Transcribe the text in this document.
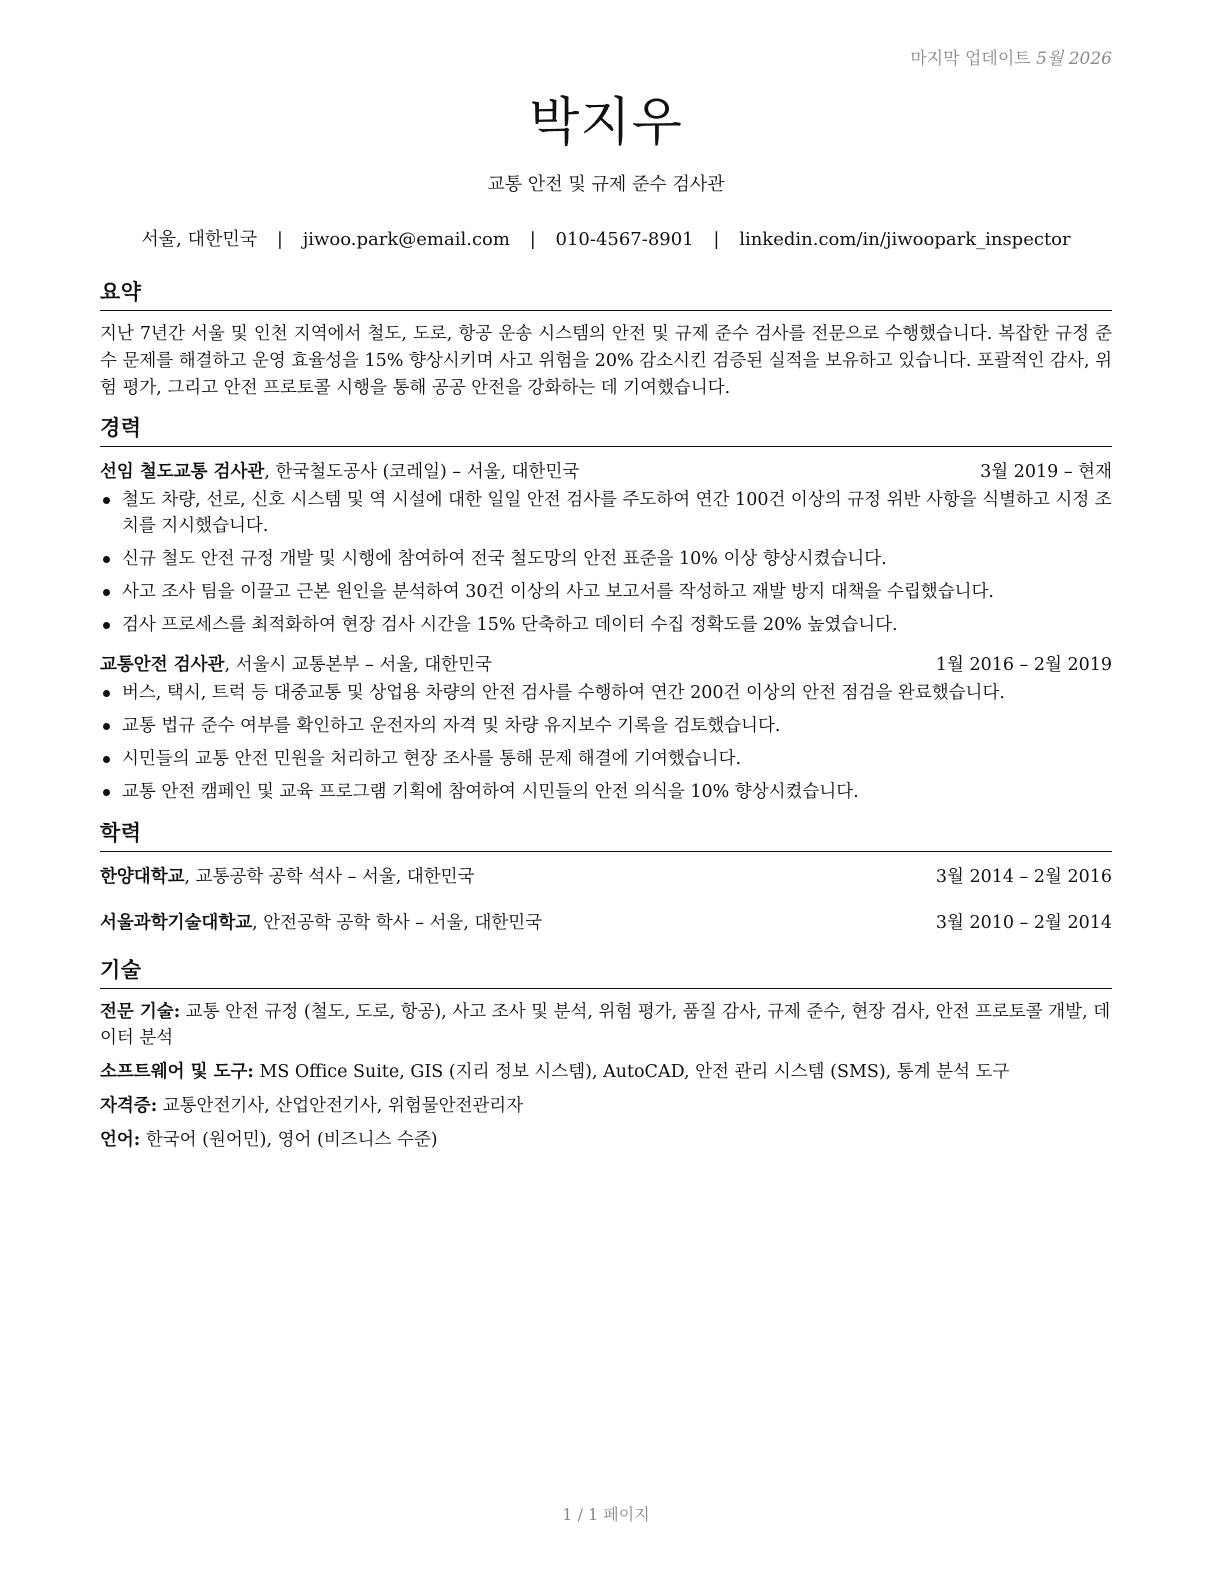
마지막 업데이트 5월 2026
박지우
교통 안전 및 규제 준수 검사관
서울, 대한민국 | jiwoo.park@email.com | 010-4567-8901 | linkedin.com/in/jiwoopark_inspector
요약
지난 7년간 서울 및 인천 지역에서 철도, 도로, 항공 운송 시스템의 안전 및 규제 준수 검사를 전문으로 수행했습니다. 복잡한 규정 준수 문제를 해결하고 운영 효율성을 15% 향상시키며 사고 위험을 20% 감소시킨 검증된 실적을 보유하고 있습니다. 포괄적인 감사, 위험 평가, 그리고 안전 프로토콜 시행을 통해 공공 안전을 강화하는 데 기여했습니다.
경력
선임 철도교통 검사관, 한국철도공사 (코레일) – 서울, 대한민국	3월 2019 – 현재
철도 차량, 선로, 신호 시스템 및 역 시설에 대한 일일 안전 검사를 주도하여 연간 100건 이상의 규정 위반 사항을 식별하고 시정 조치를 지시했습니다.
신규 철도 안전 규정 개발 및 시행에 참여하여 전국 철도망의 안전 표준을 10% 이상 향상시켰습니다.
사고 조사 팀을 이끌고 근본 원인을 분석하여 30건 이상의 사고 보고서를 작성하고 재발 방지 대책을 수립했습니다.
검사 프로세스를 최적화하여 현장 검사 시간을 15% 단축하고 데이터 수집 정확도를 20% 높였습니다.
교통안전 검사관, 서울시 교통본부 – 서울, 대한민국	1월 2016 – 2월 2019
버스, 택시, 트럭 등 대중교통 및 상업용 차량의 안전 검사를 수행하여 연간 200건 이상의 안전 점검을 완료했습니다.
교통 법규 준수 여부를 확인하고 운전자의 자격 및 차량 유지보수 기록을 검토했습니다.
시민들의 교통 안전 민원을 처리하고 현장 조사를 통해 문제 해결에 기여했습니다.
교통 안전 캠페인 및 교육 프로그램 기획에 참여하여 시민들의 안전 의식을 10% 향상시켰습니다.
학력
한양대학교, 교통공학 공학 석사 – 서울, 대한민국	3월 2014 – 2월 2016
서울과학기술대학교, 안전공학 공학 학사 – 서울, 대한민국	3월 2010 – 2월 2014
기술
전문 기술: 교통 안전 규정 (철도, 도로, 항공), 사고 조사 및 분석, 위험 평가, 품질 감사, 규제 준수, 현장 검사, 안전 프로토콜 개발, 데이터 분석
소프트웨어 및 도구: MS Office Suite, GIS (지리 정보 시스템), AutoCAD, 안전 관리 시스템 (SMS), 통계 분석 도구
자격증: 교통안전기사, 산업안전기사, 위험물안전관리자
언어: 한국어 (원어민), 영어 (비즈니스 수준)
1 / 1 페이지
